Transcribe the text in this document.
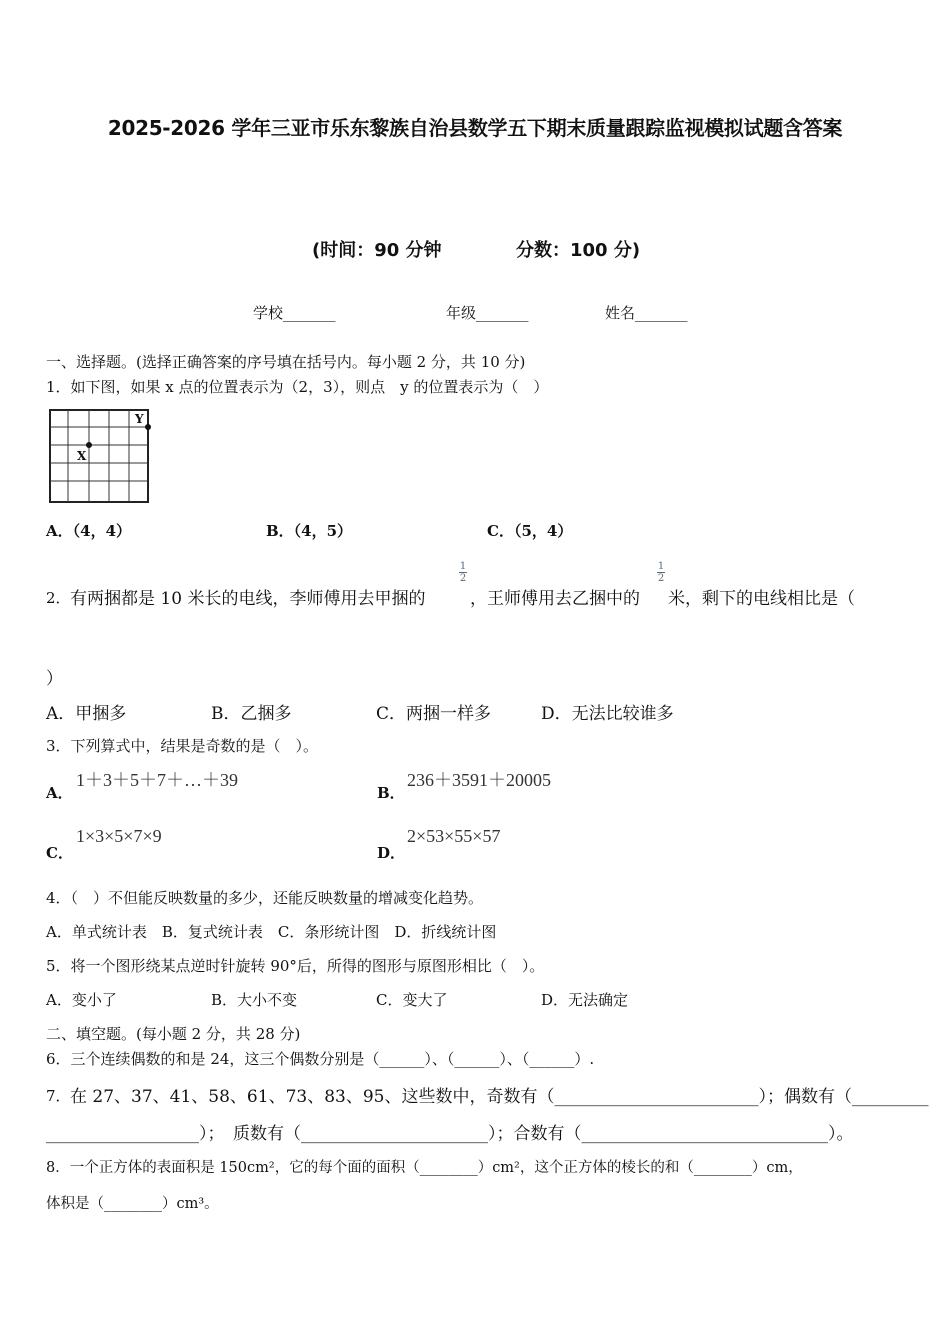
2025-2026 学年三亚市乐东黎族自治县数学五下期末质量跟踪监视模拟试题含答案
(时间：90 分钟	分数：100 分)
学校_______	年级_______	姓名_______
一、选择题。(选择正确答案的序号填在括号内。每小题 2 分，共 10 分)
1．如下图，如果 x 点的位置表示为（2，3），则点　y 的位置表示为（　）
X
Y
A．（4，4）	B．（4，5）	C．（5，4）
2． 有两捆都是 10 米长的电线，李师傅用去甲捆的
1
2
，王师傅用去乙捆中的
1
2
米，剩下的电线相比是（
）
A．甲捆多	B．乙捆多	C．两捆一样多	D．无法比较谁多
3．下列算式中，结果是奇数的是（　）。
A．
1＋3＋5＋7＋…＋39
B．
236＋3591＋20005
C．
1×3×5×7×9
D．
2×53×55×57
4．（　）不但能反映数量的多少，还能反映数量的增减变化趋势。
A．单式统计表　B．复式统计表　C．条形统计图　D．折线统计图
5．将一个图形绕某点逆时针旋转 90°后，所得的图形与原图形相比（　）。
A．变小了	B．大小不变	C．变大了	D．无法确定
二、填空题。(每小题 2 分，共 28 分)
6．三个连续偶数的和是 24，这三个偶数分别是（______）、（______）、（______）.
7． 在 27、37、41、58、61、73、83、95、这些数中，奇数有（________________________）；偶数有（_________
__________________）；　质数有（______________________）；合数有（_____________________________）。
8．一个正方体的表面积是 150cm²，它的每个面的面积（________）cm²，这个正方体的棱长的和（________）cm，
体积是（________）cm³。
